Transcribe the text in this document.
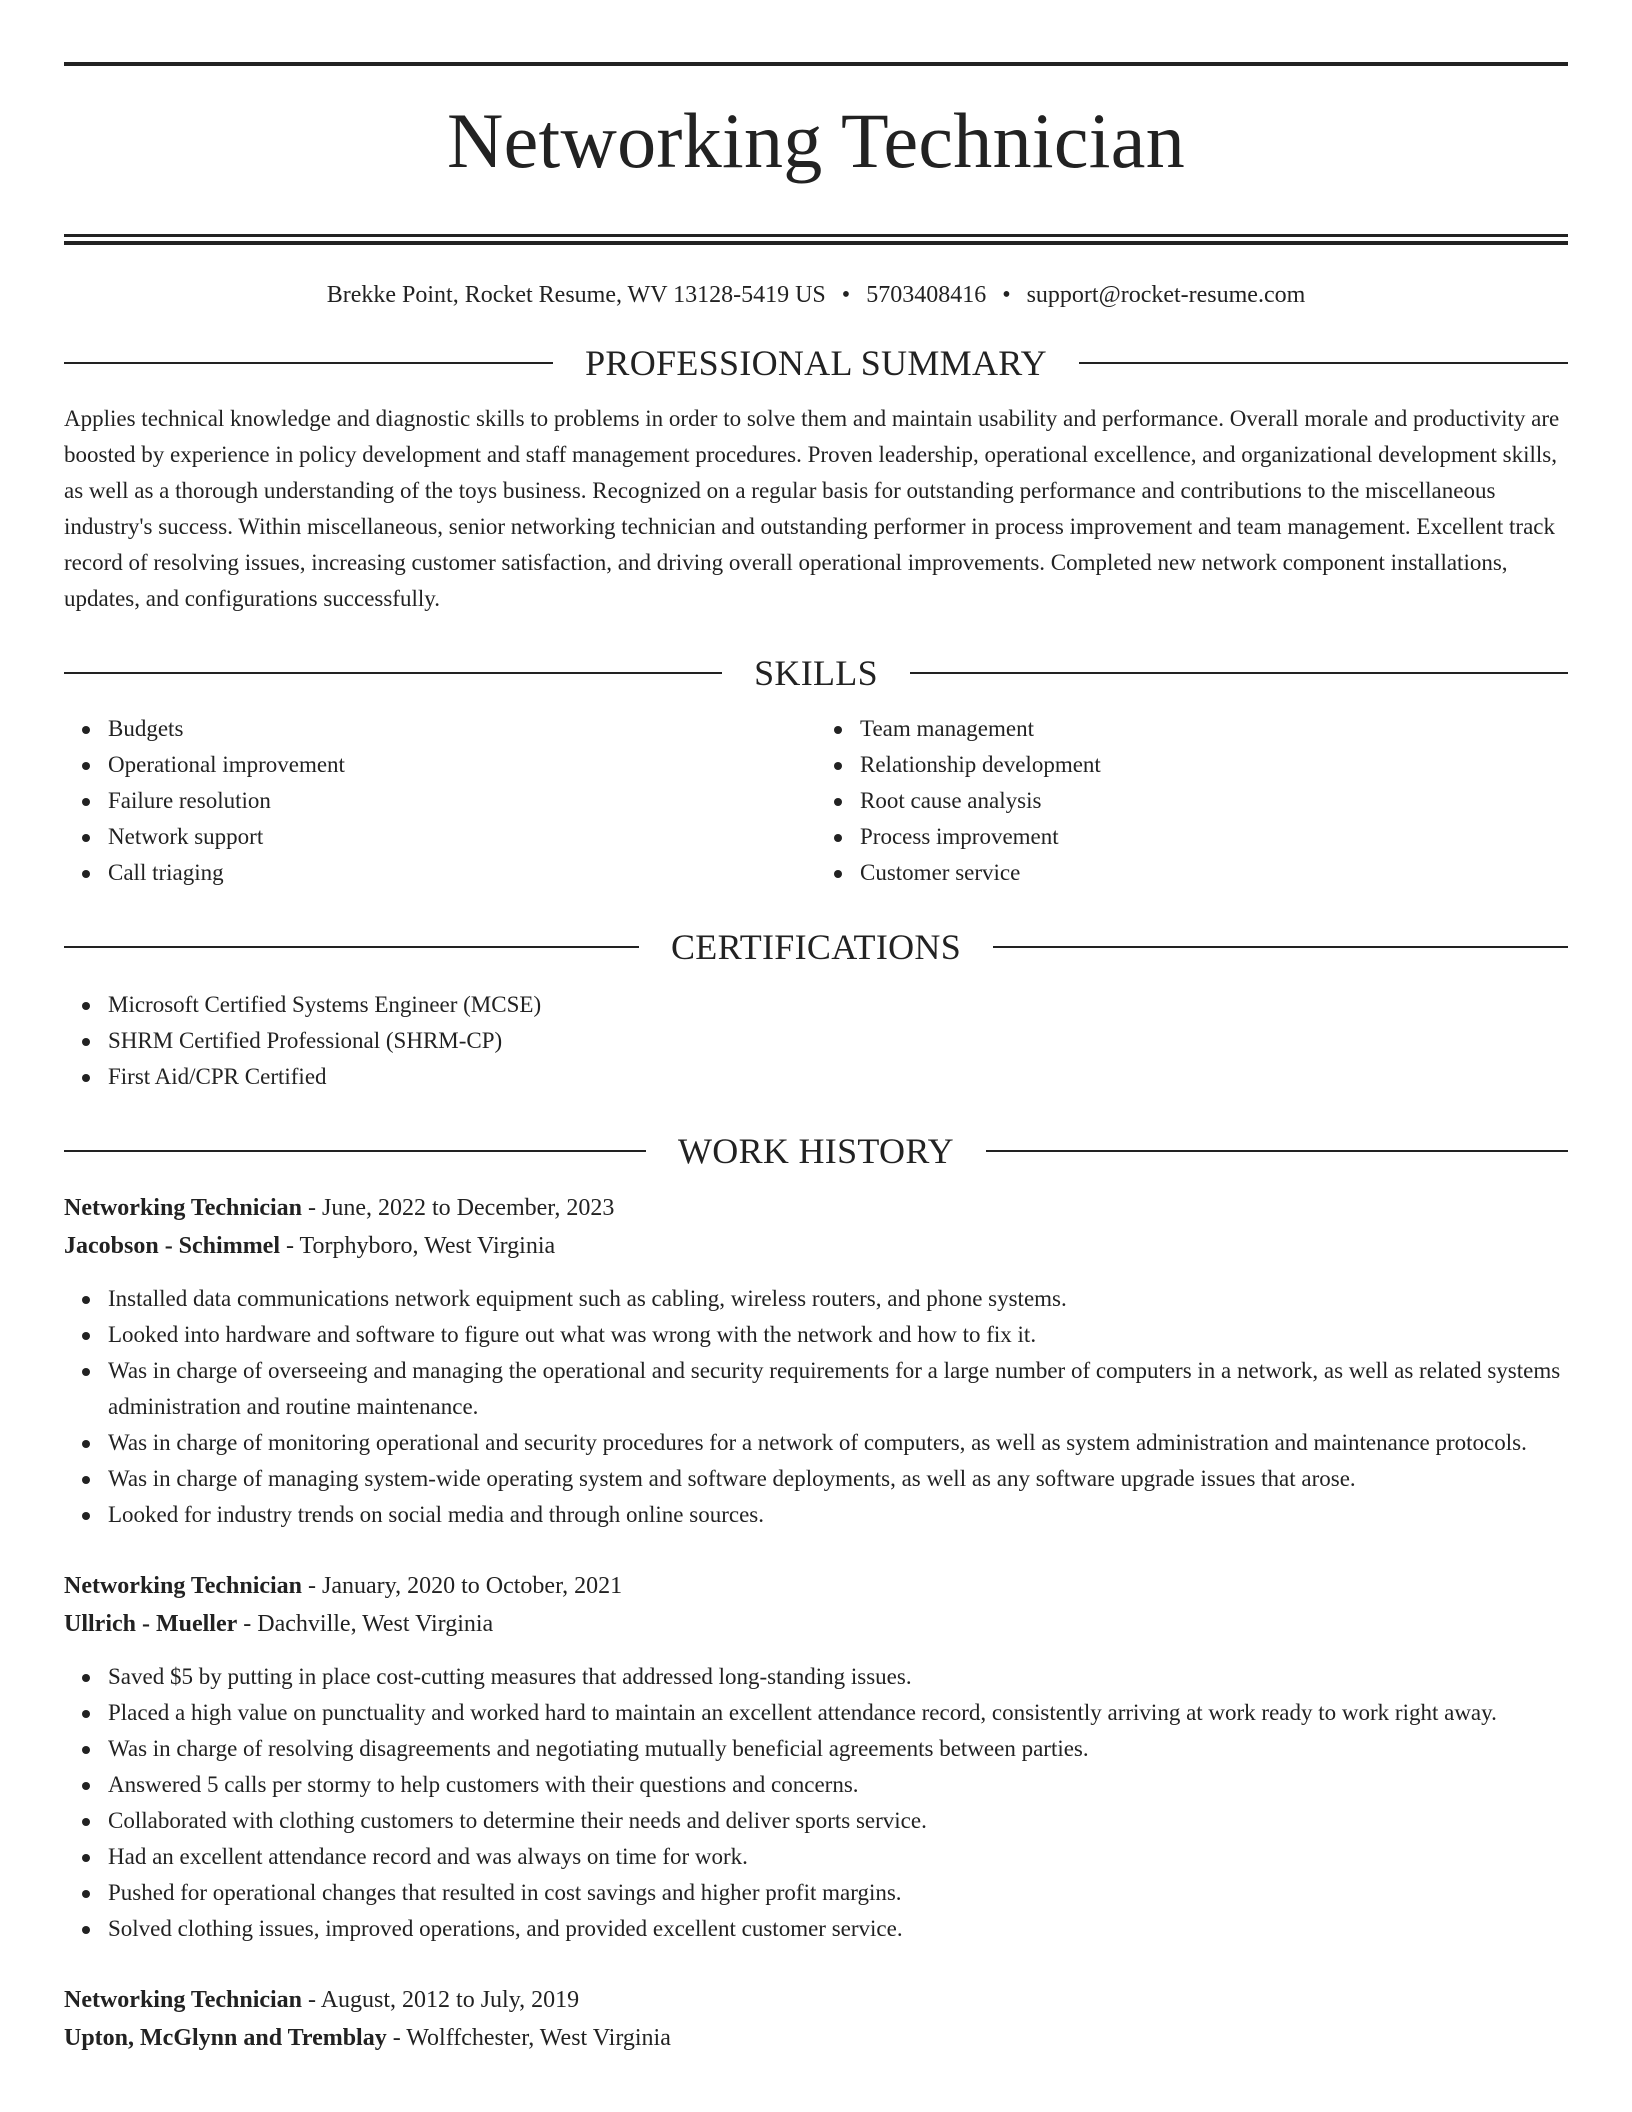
Networking Technician
Brekke Point, Rocket Resume, WV 13128-5419 US • 5703408416 • support@rocket-resume.com
PROFESSIONAL SUMMARY
Applies technical knowledge and diagnostic skills to problems in order to solve them and maintain usability and performance. Overall morale and productivity are boosted by experience in policy development and staff management procedures. Proven leadership, operational excellence, and organizational development skills, as well as a thorough understanding of the toys business. Recognized on a regular basis for outstanding performance and contributions to the miscellaneous industry's success. Within miscellaneous, senior networking technician and outstanding performer in process improvement and team management. Excellent track record of resolving issues, increasing customer satisfaction, and driving overall operational improvements. Completed new network component installations, updates, and configurations successfully.
SKILLS
Budgets
Operational improvement
Failure resolution
Network support
Call triaging
Team management
Relationship development
Root cause analysis
Process improvement
Customer service
CERTIFICATIONS
Microsoft Certified Systems Engineer (MCSE)
SHRM Certified Professional (SHRM-CP)
First Aid/CPR Certified
WORK HISTORY
Networking Technician - June, 2022 to December, 2023
Jacobson - Schimmel - Torphyboro, West Virginia
Installed data communications network equipment such as cabling, wireless routers, and phone systems.
Looked into hardware and software to figure out what was wrong with the network and how to fix it.
Was in charge of overseeing and managing the operational and security requirements for a large number of computers in a network, as well as related systems administration and routine maintenance.
Was in charge of monitoring operational and security procedures for a network of computers, as well as system administration and maintenance protocols.
Was in charge of managing system-wide operating system and software deployments, as well as any software upgrade issues that arose.
Looked for industry trends on social media and through online sources.
Networking Technician - January, 2020 to October, 2021
Ullrich - Mueller - Dachville, West Virginia
Saved $5 by putting in place cost-cutting measures that addressed long-standing issues.
Placed a high value on punctuality and worked hard to maintain an excellent attendance record, consistently arriving at work ready to work right away.
Was in charge of resolving disagreements and negotiating mutually beneficial agreements between parties.
Answered 5 calls per stormy to help customers with their questions and concerns.
Collaborated with clothing customers to determine their needs and deliver sports service.
Had an excellent attendance record and was always on time for work.
Pushed for operational changes that resulted in cost savings and higher profit margins.
Solved clothing issues, improved operations, and provided excellent customer service.
Networking Technician - August, 2012 to July, 2019
Upton, McGlynn and Tremblay - Wolffchester, West Virginia
